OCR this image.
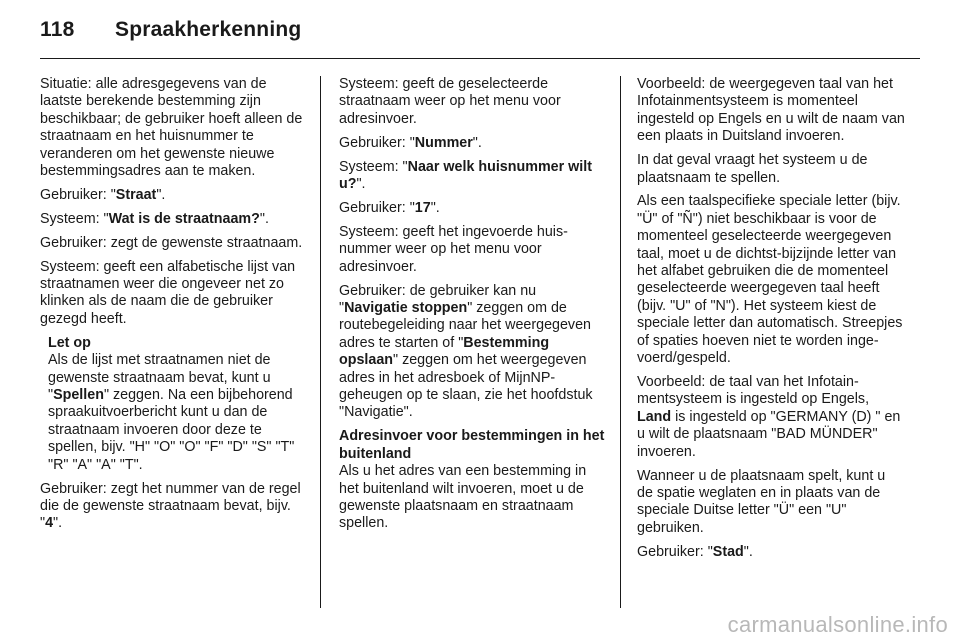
118 Spraakherkenning

Situatie: alle adresgegevens van de laatste berekende bestemming zijn beschikbaar; de gebruiker hoeft alleen de straatnaam en het huisnummer te veranderen om het gewenste nieuwe bestemmingsadres aan te maken.

Gebruiker: "Straat".

Systeem: "Wat is de straatnaam?".

Gebruiker: zegt de gewenste straatnaam.

Systeem: geeft een alfabetische lijst van straatnamen weer die ongeveer net zo klinken als de naam die de gebruiker gezegd heeft.

Let op
Als de lijst met straatnamen niet de gewenste straatnaam bevat, kunt u "Spellen" zeggen. Na een bijbehorend spraakuitvoerbericht kunt u dan de straatnaam invoeren door deze te spellen, bijv. "H" "O" "O" "F" "D" "S" "T" "R" "A" "A" "T".

Gebruiker: zegt het nummer van de regel die de gewenste straatnaam bevat, bijv. "4".

Systeem: geeft de geselecteerde straatnaam weer op het menu voor adresinvoer.

Gebruiker: "Nummer".

Systeem: "Naar welk huisnummer wilt u?".

Gebruiker: "17".

Systeem: geeft het ingevoerde huisnummer weer op het menu voor adresinvoer.

Gebruiker: de gebruiker kan nu "Navigatie stoppen" zeggen om de routebegeleiding naar het weergegeven adres te starten of "Bestemming opslaan" zeggen om het weergegeven adres in het adresboek of MijnNP-geheugen op te slaan, zie het hoofdstuk "Navigatie".

Adresinvoer voor bestemmingen in het buitenland
Als u het adres van een bestemming in het buitenland wilt invoeren, moet u de gewenste plaatsnaam en straatnaam spellen.

Voorbeeld: de weergegeven taal van het Infotainmentsysteem is momenteel ingesteld op Engels en u wilt de naam van een plaats in Duitsland invoeren.

In dat geval vraagt het systeem u de plaatsnaam te spellen.

Als een taalspecifieke speciale letter (bijv. "Ü" of "Ñ") niet beschikbaar is voor de momenteel geselecteerde weergegeven taal, moet u de dichtst-bijzijnde letter van het alfabet gebruiken die de momenteel geselecteerde weergegeven taal heeft (bijv. "U" of "N"). Het systeem kiest de speciale letter dan automatisch. Streepjes of spaties hoeven niet te worden ingevoerd/gespeld.

Voorbeeld: de taal van het Infotainmentsysteem is ingesteld op Engels, Land is ingesteld op "GERMANY (D) " en u wilt de plaatsnaam "BAD MÜNDER" invoeren.

Wanneer u de plaatsnaam spelt, kunt u de spatie weglaten en in plaats van de speciale Duitse letter "Ü" een "U" gebruiken.

Gebruiker: "Stad".

carmanualsonline.info
